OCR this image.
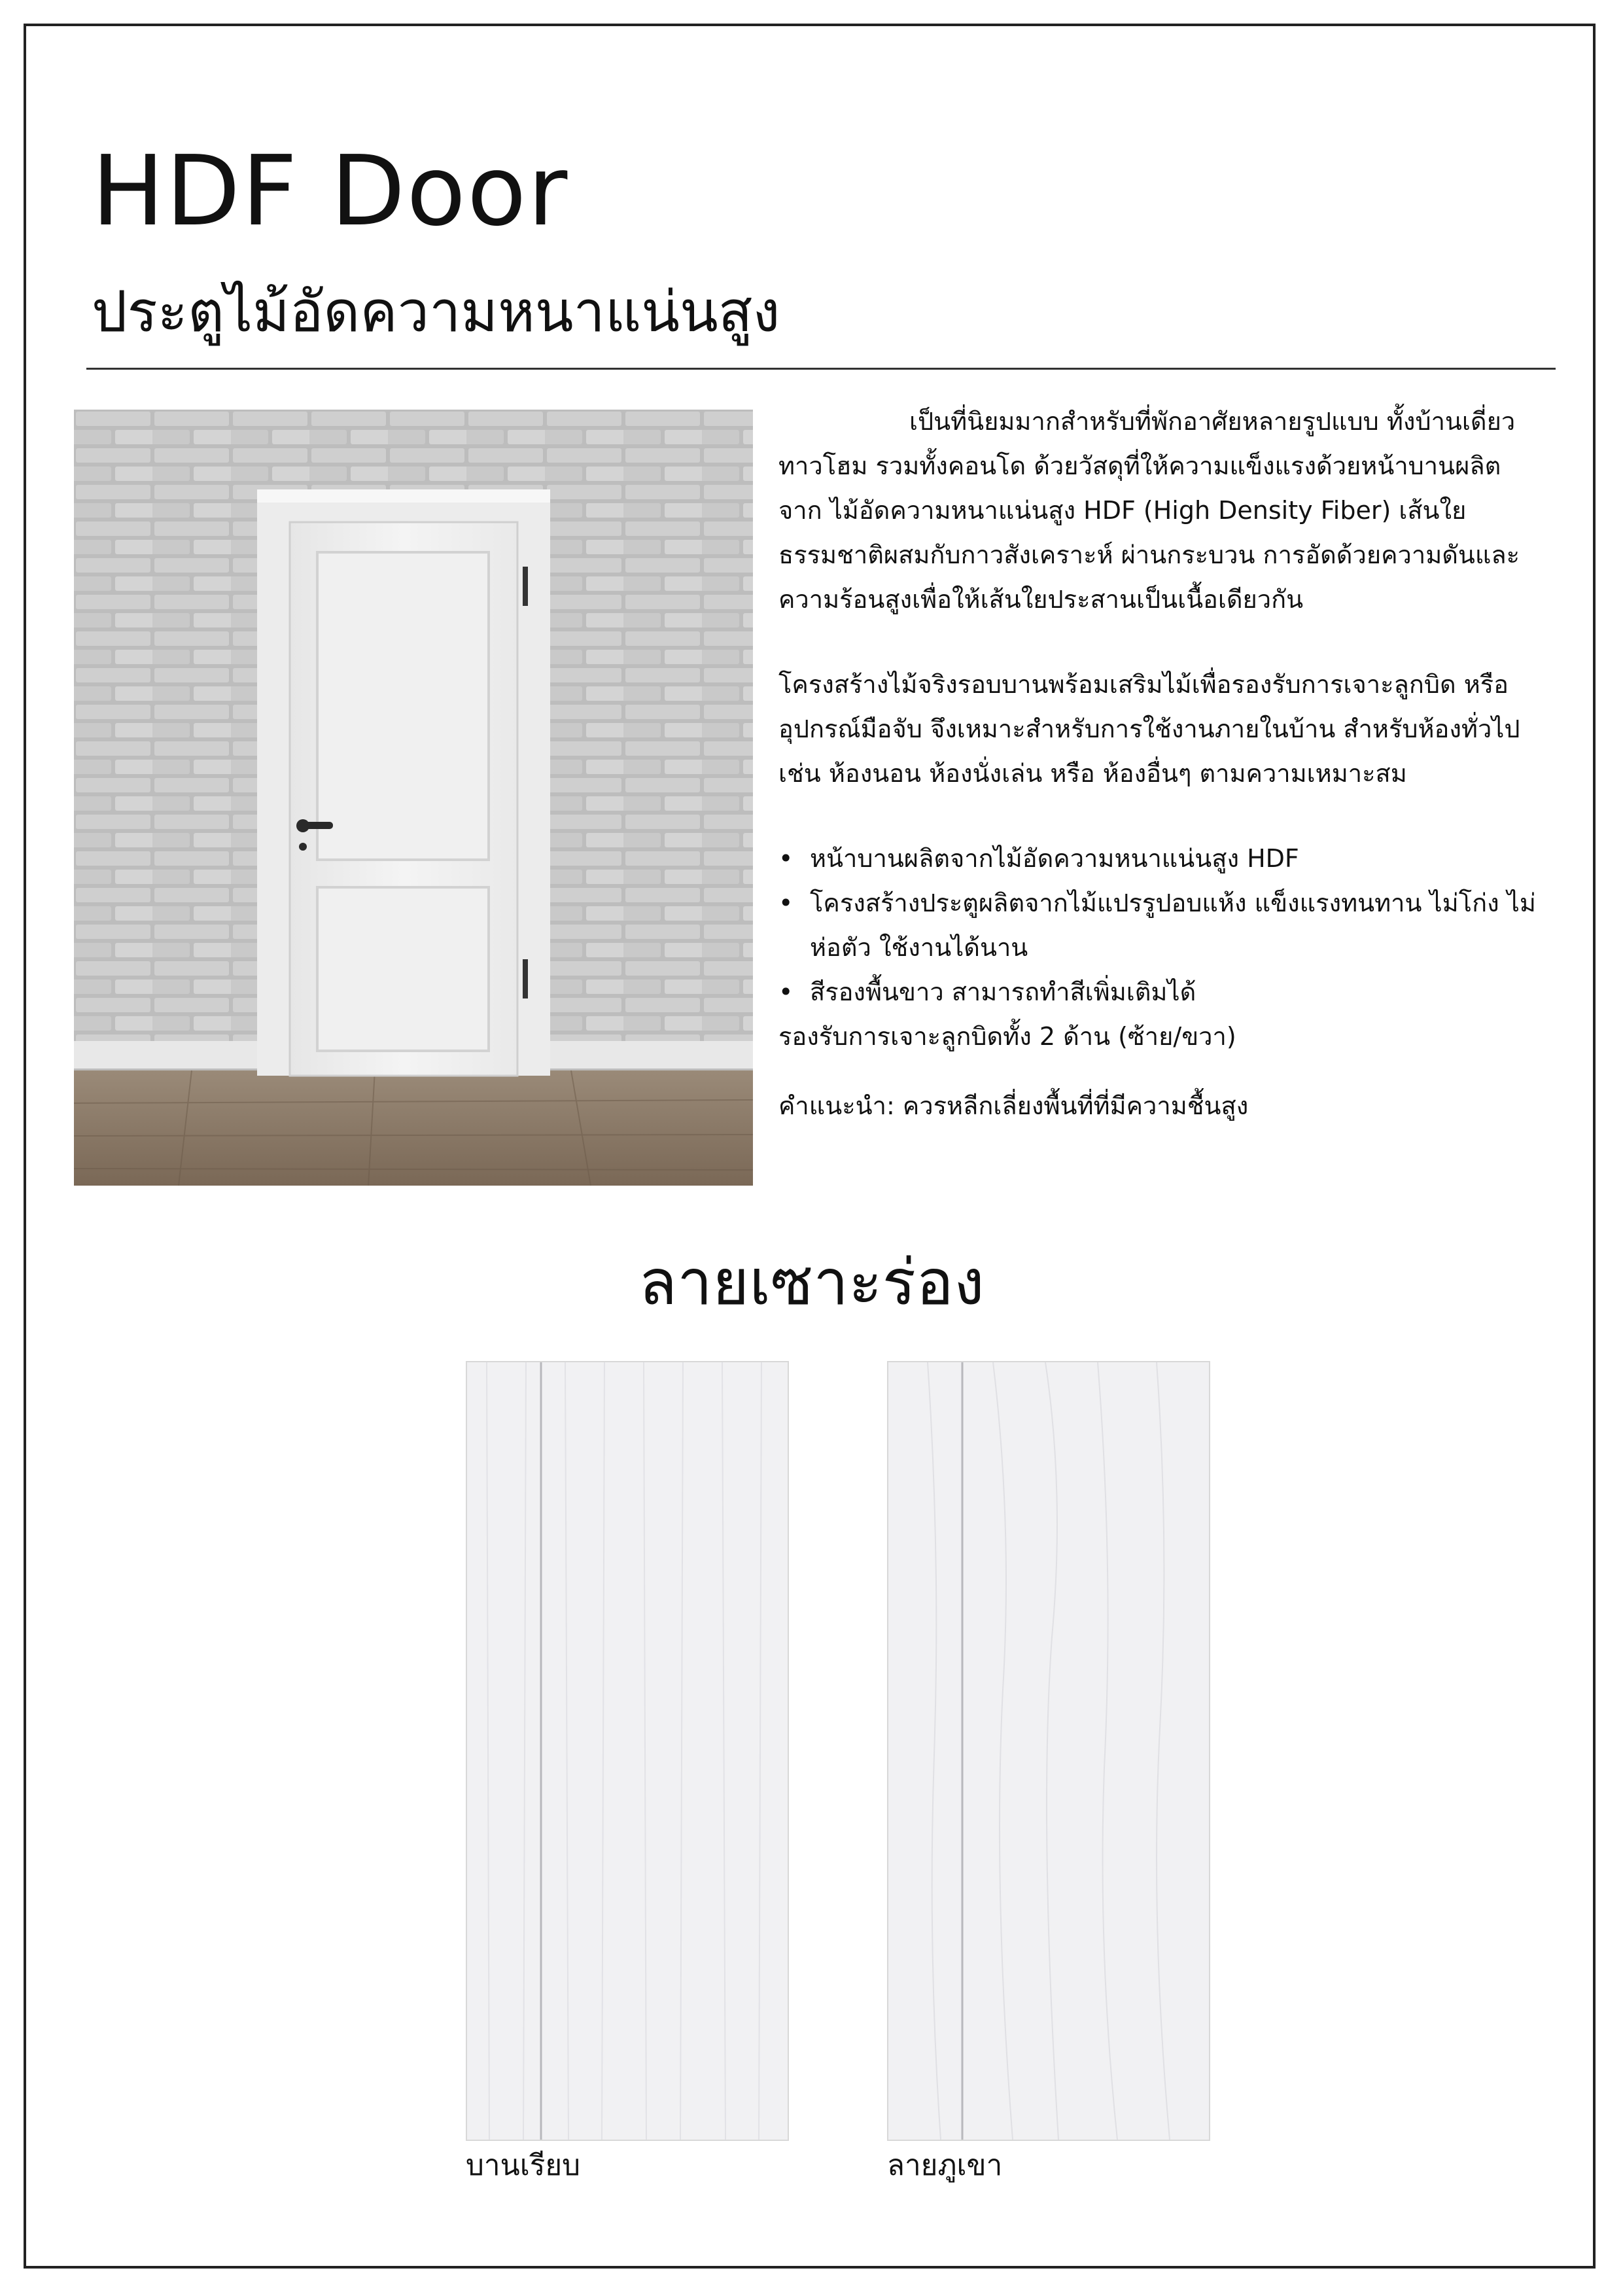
HDF Door
ประตูไม้อัดความหนาแน่นสูง

เป็นที่นิยมมากสำหรับที่พักอาศัยหลายรูปแบบ ทั้งบ้านเดี่ยว ทาวโฮม รวมทั้งคอนโด ด้วยวัสดุที่ให้ความแข็งแรงด้วยหน้าบานผลิตจาก ไม้อัดความหนาแน่นสูง HDF (High Density Fiber) เส้นใยธรรมชาติผสมกับกาวสังเคราะห์ ผ่านกระบวน การอัดด้วยความดันและความร้อนสูงเพื่อให้เส้นใยประสานเป็นเนื้อเดียวกัน

โครงสร้างไม้จริงรอบบานพร้อมเสริมไม้เพื่อรองรับการเจาะลูกบิด หรือ อุปกรณ์มือจับ จึงเหมาะสำหรับการใช้งานภายในบ้าน สำหรับห้องทั่วไป เช่น ห้องนอน ห้องนั่งเล่น หรือ ห้องอื่นๆ ตามความเหมาะสม

• หน้าบานผลิตจากไม้อัดความหนาแน่นสูง HDF
• โครงสร้างประตูผลิตจากไม้แปรรูปอบแห้ง แข็งแรงทนทาน ไม่โก่ง ไม่ห่อตัว ใช้งานได้นาน
• สีรองพื้นขาว สามารถทำสีเพิ่มเติมได้

รองรับการเจาะลูกบิดทั้ง 2 ด้าน (ซ้าย/ขวา)

คำแนะนำ: ควรหลีกเลี่ยงพื้นที่ที่มีความชื้นสูง

ลายเซาะร่อง
บานเรียบ	ลายภูเขา
